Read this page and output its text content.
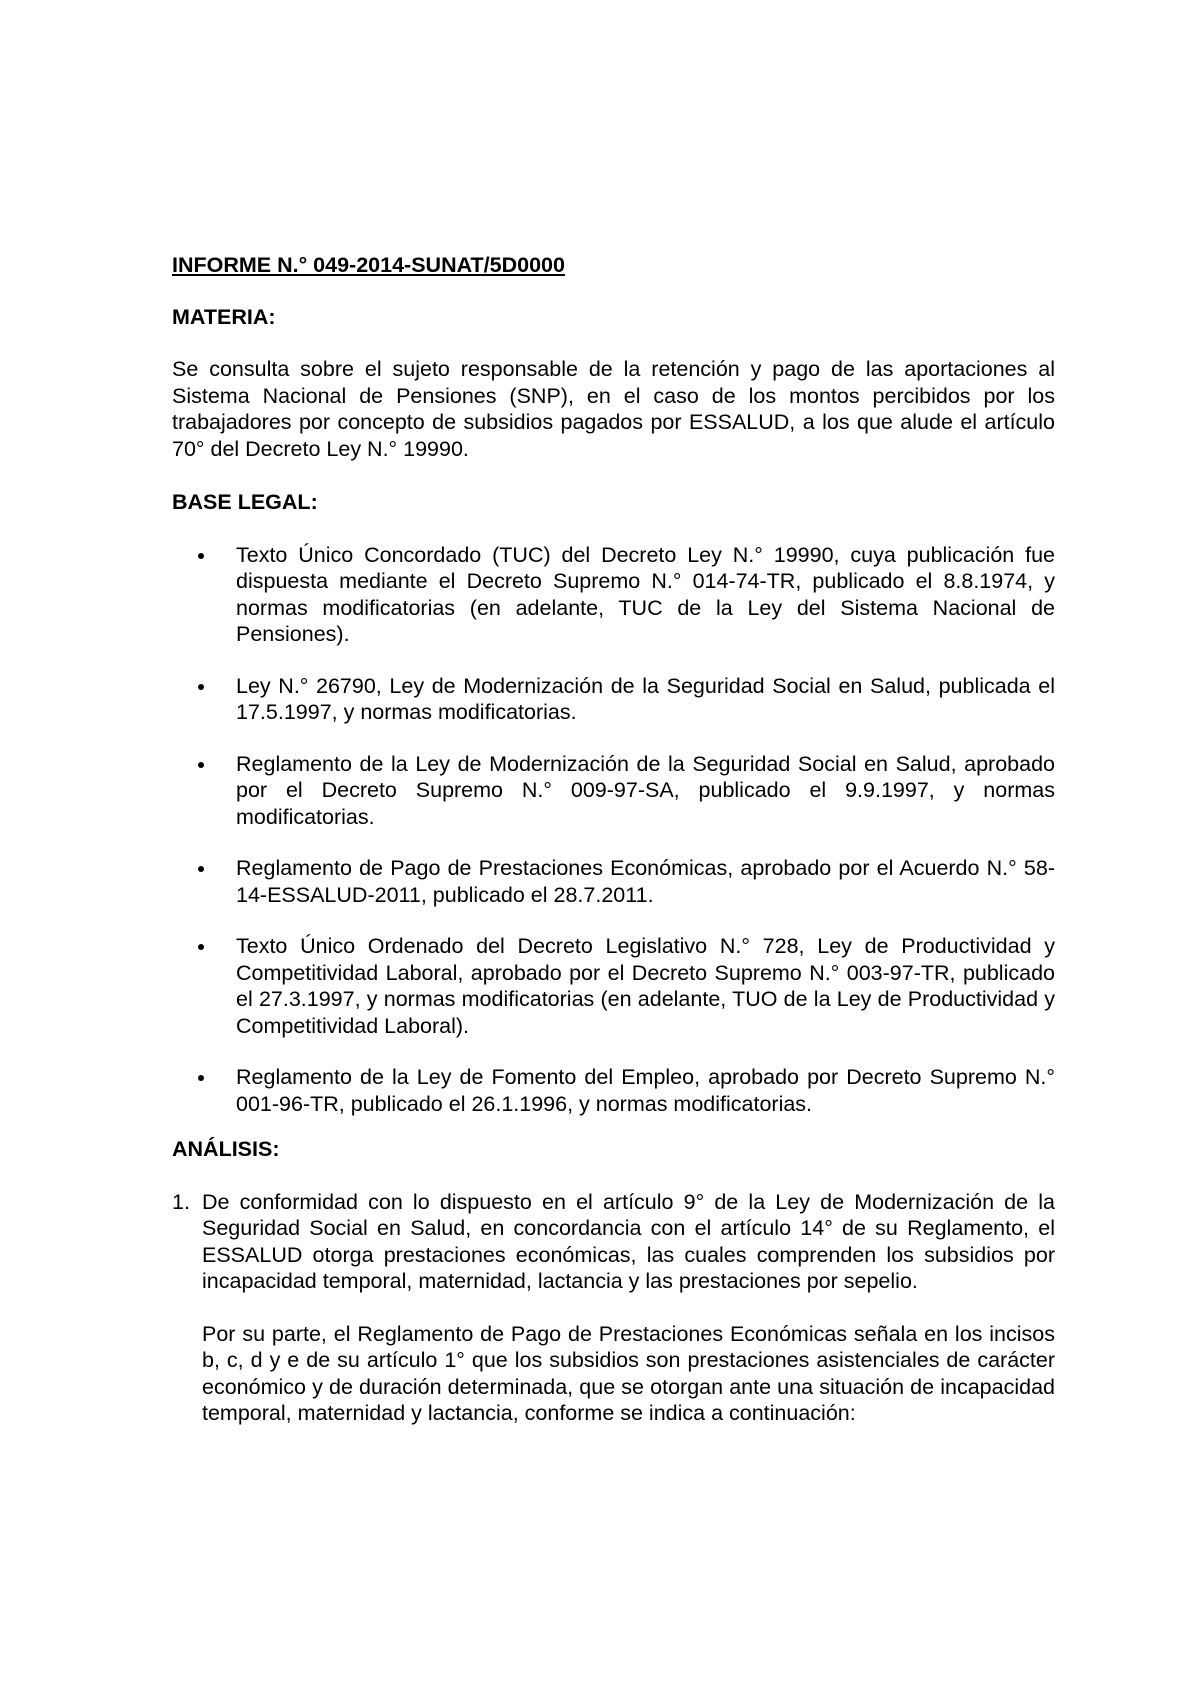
INFORME N.° 049-2014-SUNAT/5D0000

MATERIA:

Se consulta sobre el sujeto responsable de la retención y pago de las aportaciones al Sistema Nacional de Pensiones (SNP), en el caso de los montos percibidos por los trabajadores por concepto de subsidios pagados por ESSALUD, a los que alude el artículo 70° del Decreto Ley N.° 19990.

BASE LEGAL:

Texto Único Concordado (TUC) del Decreto Ley N.° 19990, cuya publicación fue dispuesta mediante el Decreto Supremo N.° 014-74-TR, publicado el 8.8.1974, y normas modificatorias (en adelante, TUC de la Ley del Sistema Nacional de Pensiones).
Ley N.° 26790, Ley de Modernización de la Seguridad Social en Salud, publicada el 17.5.1997, y normas modificatorias.
Reglamento de la Ley de Modernización de la Seguridad Social en Salud, aprobado por el Decreto Supremo N.° 009-97-SA, publicado el 9.9.1997, y normas modificatorias.
Reglamento de Pago de Prestaciones Económicas, aprobado por el Acuerdo N.° 58-14-ESSALUD-2011, publicado el 28.7.2011.
Texto Único Ordenado del Decreto Legislativo N.° 728, Ley de Productividad y Competitividad Laboral, aprobado por el Decreto Supremo N.° 003-97-TR, publicado el 27.3.1997, y normas modificatorias (en adelante, TUO de la Ley de Productividad y Competitividad Laboral).
Reglamento de la Ley de Fomento del Empleo, aprobado por Decreto Supremo N.° 001-96-TR, publicado el 26.1.1996, y normas modificatorias.

ANÁLISIS:

1. De conformidad con lo dispuesto en el artículo 9° de la Ley de Modernización de la Seguridad Social en Salud, en concordancia con el artículo 14° de su Reglamento, el ESSALUD otorga prestaciones económicas, las cuales comprenden los subsidios por incapacidad temporal, maternidad, lactancia y las prestaciones por sepelio.

Por su parte, el Reglamento de Pago de Prestaciones Económicas señala en los incisos b, c, d y e de su artículo 1° que los subsidios son prestaciones asistenciales de carácter económico y de duración determinada, que se otorgan ante una situación de incapacidad temporal, maternidad y lactancia, conforme se indica a continuación:
